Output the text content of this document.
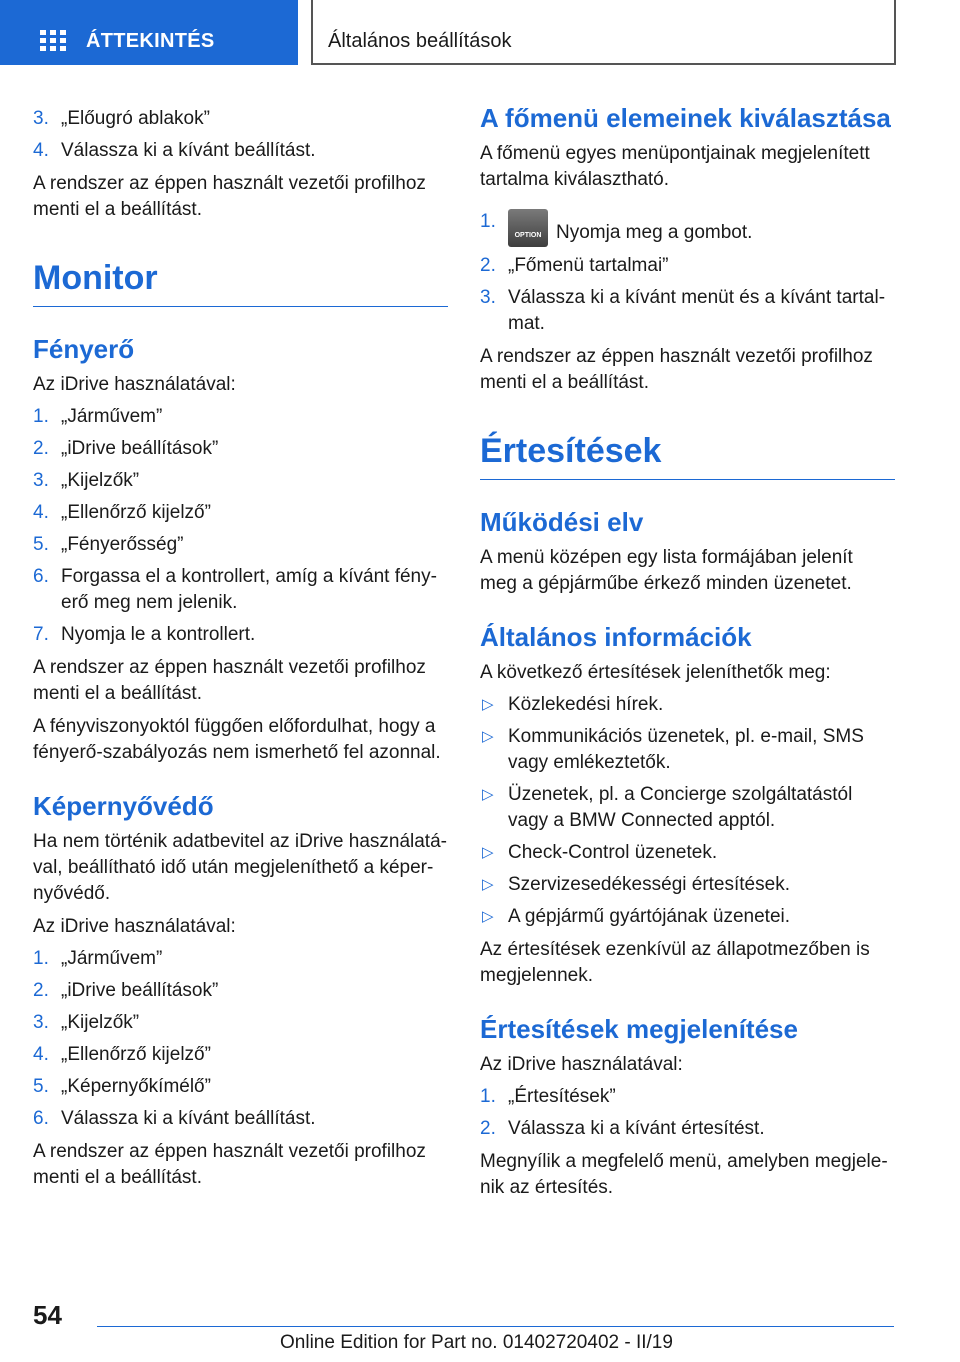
ÁTTEKINTÉS	Általános beállítások
3. „Előugró ablakok”
4. Válassza ki a kívánt beállítást.

A rendszer az éppen használt vezetői profilhoz menti el a beállítást.

Monitor
Fényerő

Az iDrive használatával:

1. „Járművem”
2. „iDrive beállítások”
3. „Kijelzők”
4. „Ellenőrző kijelző”
5. „Fényerősség”
6. Forgassa el a kontrollert, amíg a kívánt fényerő meg nem jelenik.
7. Nyomja le a kontrollert.

A rendszer az éppen használt vezetői profilhoz menti el a beállítást.

A fényviszonyoktól függően előfordulhat, hogy a fényerő-szabályozás nem ismerhető fel azonnal.

Képernyővédő

Ha nem történik adatbevitel az iDrive használatával, beállítható idő után megjeleníthető a képernyővédő.

Az iDrive használatával:

1. „Járművem”
2. „iDrive beállítások”
3. „Kijelzők”
4. „Ellenőrző kijelző”
5. „Képernyőkímélő”
6. Válassza ki a kívánt beállítást.

A rendszer az éppen használt vezetői profilhoz menti el a beállítást.

A főmenü elemeinek kiválasztása

A főmenü egyes menüpontjainak megjelenített tartalma kiválasztható.

1.
OPTION Nyomja meg a gombot.
2. „Főmenü tartalmai”
3. Válassza ki a kívánt menüt és a kívánt tartalmat.

A rendszer az éppen használt vezetői profilhoz menti el a beállítást.

Értesítések
Működési elv

A menü középen egy lista formájában jelenít meg a gépjárműbe érkező minden üzenetet.

Általános információk

A következő értesítések jeleníthetők meg:

▷ Közlekedési hírek.
▷ Kommunikációs üzenetek, pl. e-mail, SMS vagy emlékeztetők.
▷ Üzenetek, pl. a Concierge szolgáltatástól vagy a BMW Connected apptól.
▷ Check-Control üzenetek.
▷ Szervizesedékességi értesítések.
▷ A gépjármű gyártójának üzenetei.

Az értesítések ezenkívül az állapotmezőben is megjelennek.

Értesítések megjelenítése

Az iDrive használatával:

1. „Értesítések”
2. Válassza ki a kívánt értesítést.

Megnyílik a megfelelő menü, amelyben megjelenik az értesítés.

54
Online Edition for Part no. 01402720402 - II/19
